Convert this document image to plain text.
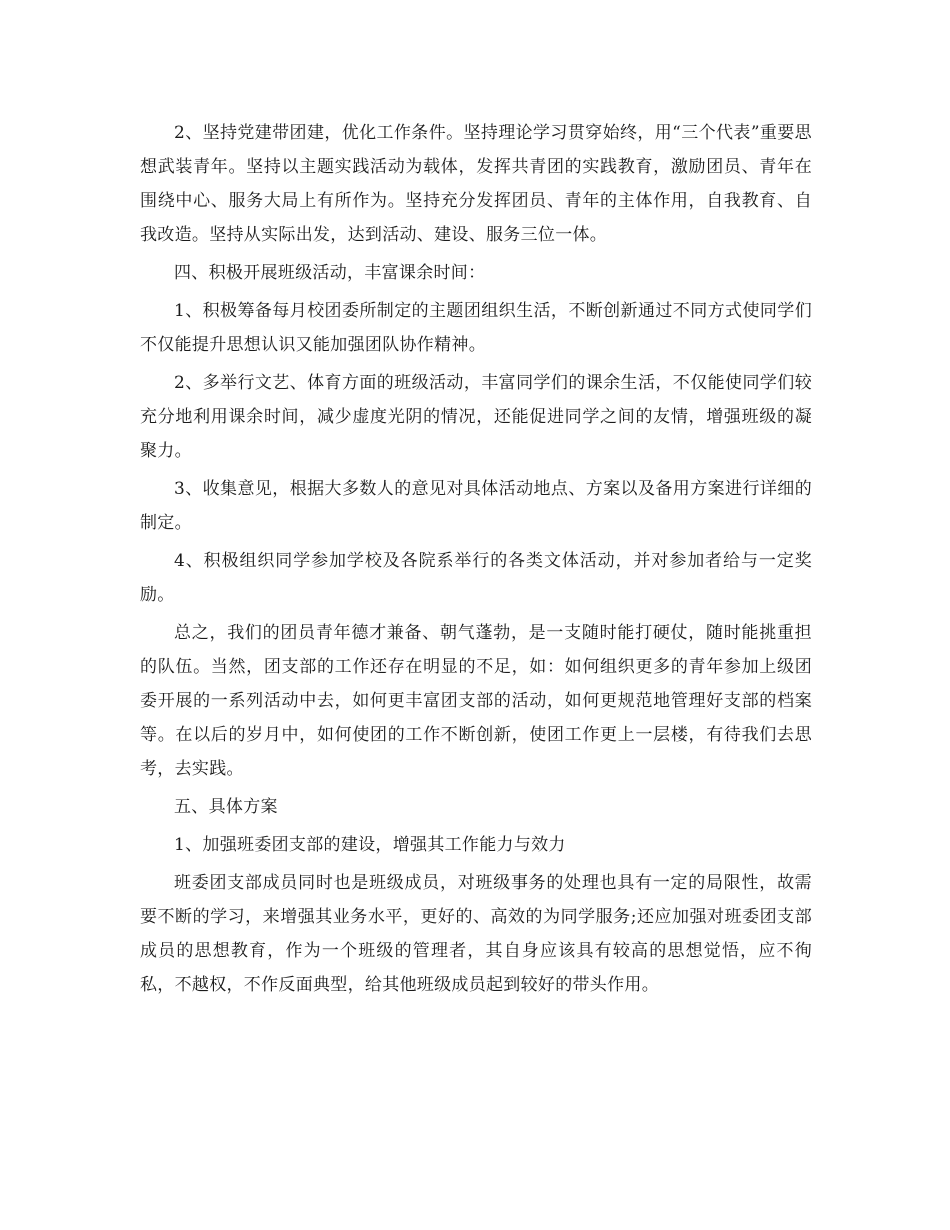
2、坚持党建带团建，优化工作条件。坚持理论学习贯穿始终，用“三个代表”重要思想武装青年。坚持以主题实践活动为载体，发挥共青团的实践教育，激励团员、青年在围绕中心、服务大局上有所作为。坚持充分发挥团员、青年的主体作用，自我教育、自我改造。坚持从实际出发，达到活动、建设、服务三位一体。

四、积极开展班级活动，丰富课余时间：

1、积极筹备每月校团委所制定的主题团组织生活，不断创新通过不同方式使同学们不仅能提升思想认识又能加强团队协作精神。

2、多举行文艺、体育方面的班级活动，丰富同学们的课余生活，不仅能使同学们较充分地利用课余时间，减少虚度光阴的情况，还能促进同学之间的友情，增强班级的凝聚力。

3、收集意见，根据大多数人的意见对具体活动地点、方案以及备用方案进行详细的制定。

4、积极组织同学参加学校及各院系举行的各类文体活动，并对参加者给与一定奖励。

总之，我们的团员青年德才兼备、朝气蓬勃，是一支随时能打硬仗，随时能挑重担的队伍。当然，团支部的工作还存在明显的不足，如：如何组织更多的青年参加上级团委开展的一系列活动中去，如何更丰富团支部的活动，如何更规范地管理好支部的档案等。在以后的岁月中，如何使团的工作不断创新，使团工作更上一层楼，有待我们去思考，去实践。

五、具体方案

1、加强班委团支部的建设，增强其工作能力与效力

班委团支部成员同时也是班级成员，对班级事务的处理也具有一定的局限性，故需要不断的学习，来增强其业务水平，更好的、高效的为同学服务;还应加强对班委团支部成员的思想教育，作为一个班级的管理者，其自身应该具有较高的思想觉悟，应不徇私，不越权，不作反面典型，给其他班级成员起到较好的带头作用。
